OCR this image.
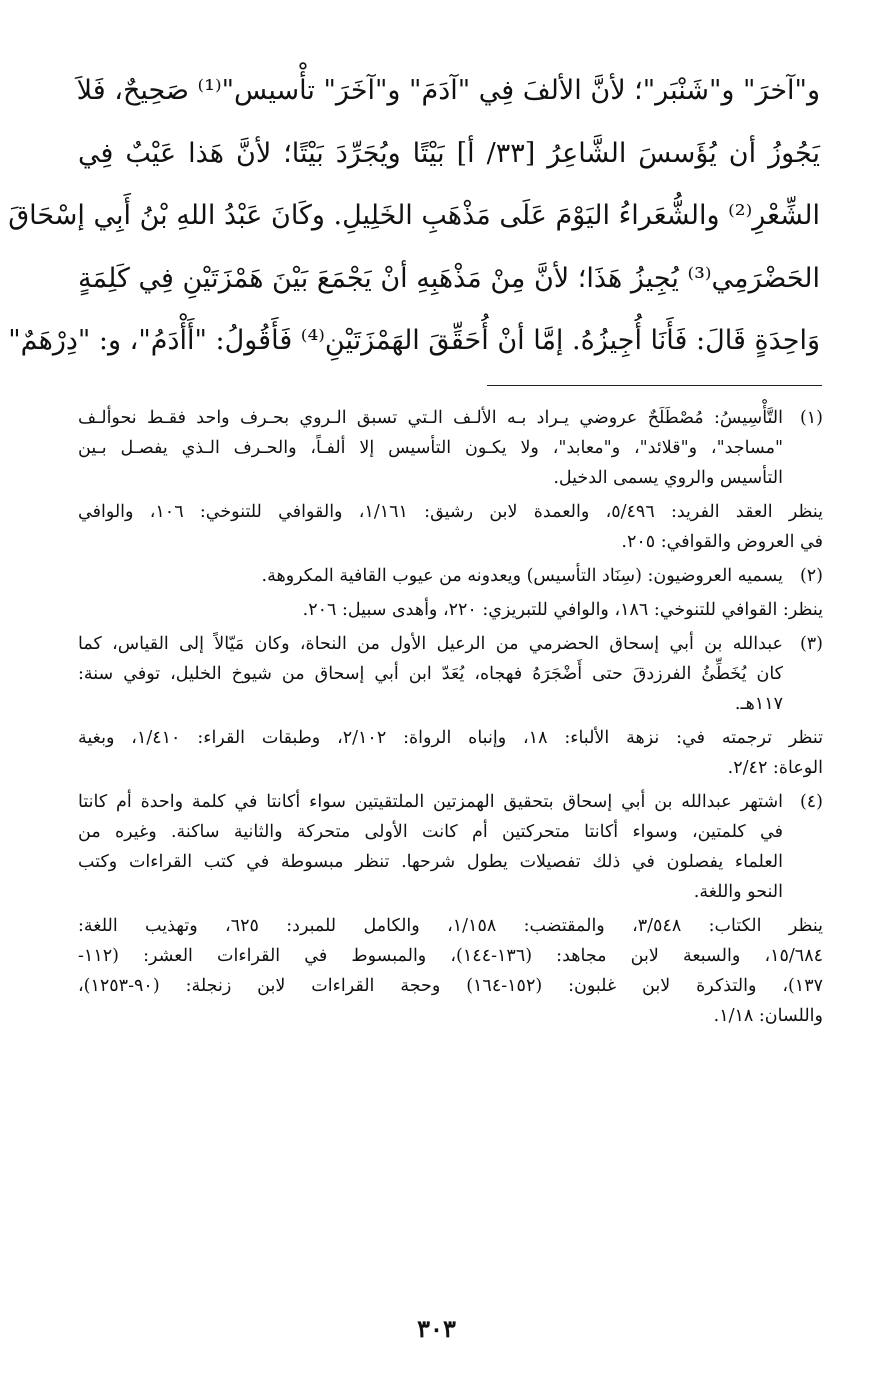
و"آخرَ" و"شَنْبَر"؛ لأنَّ الألفَ فِي "آدَمَ" و"آخَرَ" تأْسيس"⁽¹⁾ صَحِيحٌ، فَلاَ

يَجُوزُ أن يُؤَسسَ الشَّاعِرُ [٣٣/ أ] بَيْتًا ويُجَرِّدَ بَيْتًا؛ لأنَّ هَذا عَيْبٌ فِي

الشِّعْرِ⁽²⁾ والشُّعَراءُ اليَوْمَ عَلَى مَذْهَبِ الخَلِيلِ. وكَانَ عَبْدُ اللهِ بْنُ أَبِي إسْحَاقَ

الحَضْرَمِي⁽³⁾ يُجِيزُ هَذَا؛ لأنَّ مِنْ مَذْهَبِهِ أنْ يَجْمَعَ بَيْنَ هَمْزَتَيْنِ فِي كَلِمَةٍ

وَاحِدَةٍ قَالَ: فَأَنَا أُجِيزُهُ. إمَّا أنْ أُحَقِّقَ الهَمْزَتَيْنِ⁽⁴⁾ فَأَقُولُ: "أَأْدَمُ"، و: "دِرْهَمٌ"

(١)
التَّأْسِيسُ: مُصْطَلَحٌ عروضي يـراد بـه الألـف الـتي تسبق الـروي بحـرف واحد فقـط نحوألـف
"مساجد"، و"قلائد"، و"معابد"، ولا يكـون التأسيس إلا ألفـاً، والحـرف الـذي يفصـل بـين
التأسيس والروي يسمى الدخيل.
ينظر العقد الفريد: ٥/٤٩٦، والعمدة لابن رشيق: ١/١٦١، والقوافي للتنوخي: ١٠٦، والوافي
في العروض والقوافي: ٢٠٥.
(٢)
يسميه العروضيون: (سِنَاد التأسيس) ويعدونه من عيوب القافية المكروهة.
ينظر: القوافي للتنوخي: ١٨٦، والوافي للتبريزي: ٢٢٠، وأهدى سبيل: ٢٠٦.
(٣)
عبدالله بن أبي إسحاق الحضرمي من الرعيل الأول من النحاة، وكان مَيّالاً إلى القياس، كما
كان يُخَطِّئُ الفرزدقَ حتى أَضْجَرَهُ فهجاه، يُعَدّ ابن أبي إسحاق من شيوخ الخليل، توفي سنة:
١١٧هـ.
تنظر ترجمته في: نزهة الألباء: ١٨، وإنباه الرواة: ٢/١٠٢، وطبقات القراء: ١/٤١٠، وبغية
الوعاة: ٢/٤٢.
(٤)
اشتهر عبدالله بن أبي إسحاق بتحقيق الهمزتين الملتقيتين سواء أكانتا في كلمة واحدة أم كانتا
في كلمتين، وسواء أكانتا متحركتين أم كانت الأولى متحركة والثانية ساكنة. وغيره من
العلماء يفصلون في ذلك تفصيلات يطول شرحها. تنظر مبسوطة في كتب القراءات وكتب
النحو واللغة.
ينظر الكتاب: ٣/٥٤٨، والمقتضب: ١/١٥٨، والكامل للمبرد: ٦٢٥، وتهذيب اللغة:
١٥/٦٨٤، والسبعة لابن مجاهد: (١٣٦-١٤٤)، والمبسوط في القراءات العشر: (١١٢-
١٣٧)، والتذكرة لابن غلبون: (١٥٢-١٦٤) وحجة القراءات لابن زنجلة: (٩٠-١٢٥٣)،
واللسان: ١/١٨.
٣٠٣
